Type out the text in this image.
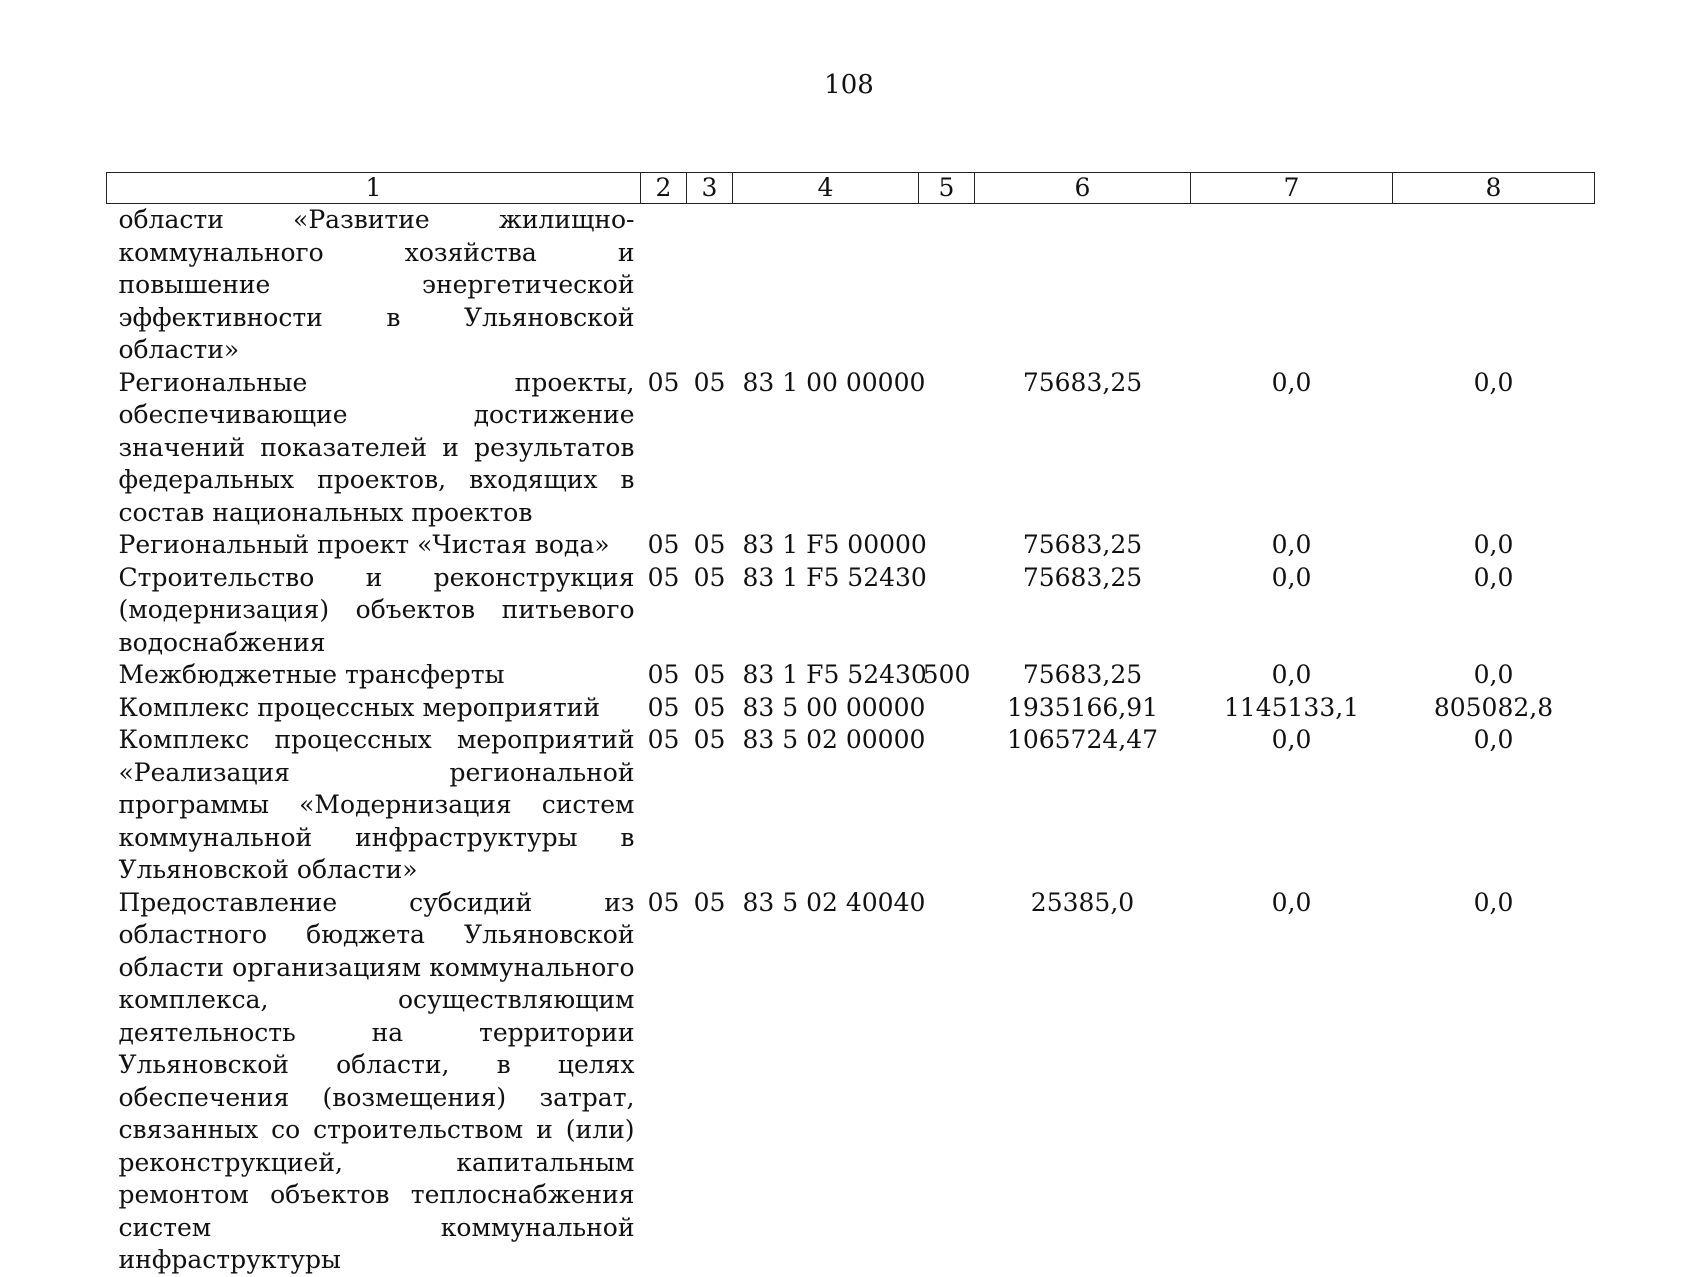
108
1	2	3	4	5	6	7	8
области «Развитие жилищно-коммунального хозяйства и повышение энергетической эффективности в Ульяновской области»							
Региональные проекты, обеспечивающие достижение значений показателей и результатов федеральных проектов, входящих в состав национальных проектов	05	05	83 1 00 00000		75683,25	0,0	0,0
Региональный проект «Чистая вода»	05	05	83 1 F5 00000		75683,25	0,0	0,0
Строительство и реконструкция (модернизация) объектов питьевого водоснабжения	05	05	83 1 F5 52430		75683,25	0,0	0,0
Межбюджетные трансферты	05	05	83 1 F5 52430	500	75683,25	0,0	0,0
Комплекс процессных мероприятий	05	05	83 5 00 00000		1935166,91	1145133,1	805082,8
Комплекс процессных мероприятий «Реализация региональной программы «Модернизация систем коммунальной инфраструктуры в Ульяновской области»	05	05	83 5 02 00000		1065724,47	0,0	0,0
Предоставление субсидий из областного бюджета Ульяновской области организациям коммунального комплекса, осуществляющим деятельность на территории Ульяновской области, в целях обеспечения (возмещения) затрат, связанных со строительством и (или) реконструкцией, капитальным ремонтом объектов теплоснабжения систем коммунальной инфраструктуры	05	05	83 5 02 40040		25385,0	0,0	0,0
